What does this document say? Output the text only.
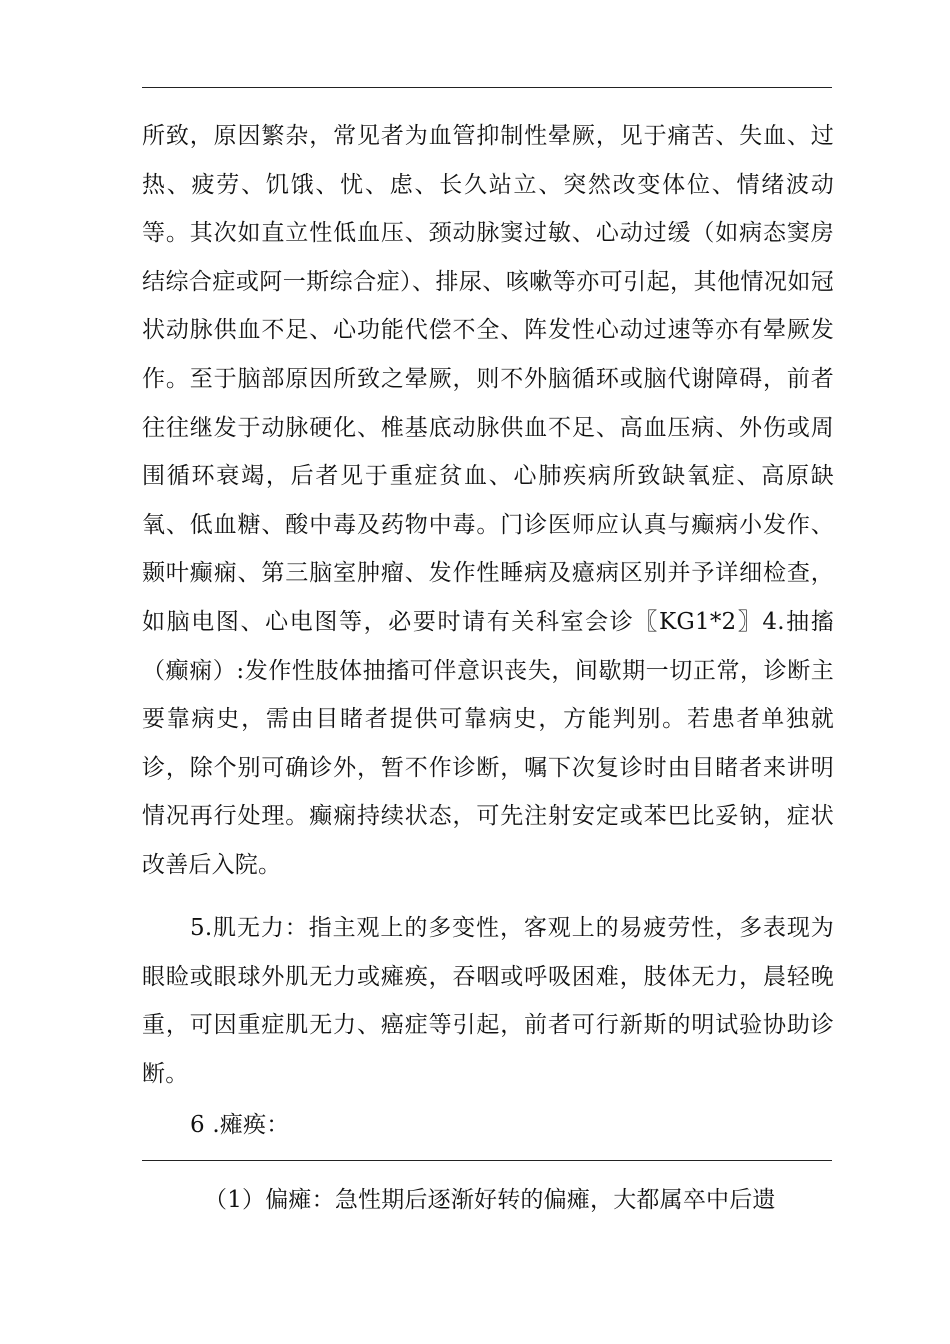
所致，原因繁杂，常见者为血管抑制性晕厥，见于痛苦、失血、过热、疲劳、饥饿、忧、虑、长久站立、突然改变体位、情绪波动等。其次如直立性低血压、颈动脉窦过敏、心动过缓（如病态窦房结综合症或阿一斯综合症）、排尿、咳嗽等亦可引起，其他情况如冠状动脉供血不足、心功能代偿不全、阵发性心动过速等亦有晕厥发作。至于脑部原因所致之晕厥，则不外脑循环或脑代谢障碍，前者往往继发于动脉硬化、椎基底动脉供血不足、高血压病、外伤或周围循环衰竭，后者见于重症贫血、心肺疾病所致缺氧症、高原缺氧、低血糖、酸中毒及药物中毒。门诊医师应认真与癫病小发作、颞叶癫痫、第三脑室肿瘤、发作性睡病及癔病区别并予详细检查，如脑电图、心电图等，必要时请有关科室会诊〖KG1*2〗4.抽搐（癫痫）:发作性肢体抽搐可伴意识丧失，间歇期一切正常，诊断主要靠病史，需由目睹者提供可靠病史，方能判别。若患者单独就诊，除个别可确诊外，暂不作诊断，嘱下次复诊时由目睹者来讲明情况再行处理。癫痫持续状态，可先注射安定或苯巴比妥钠，症状改善后入院。

5.肌无力：指主观上的多变性，客观上的易疲劳性，多表现为眼睑或眼球外肌无力或瘫痪，吞咽或呼吸困难，肢体无力，晨轻晚重，可因重症肌无力、癌症等引起，前者可行新斯的明试验协助诊断。

6 .瘫痪：

（1）偏瘫：急性期后逐渐好转的偏瘫，大都属卒中后遗
